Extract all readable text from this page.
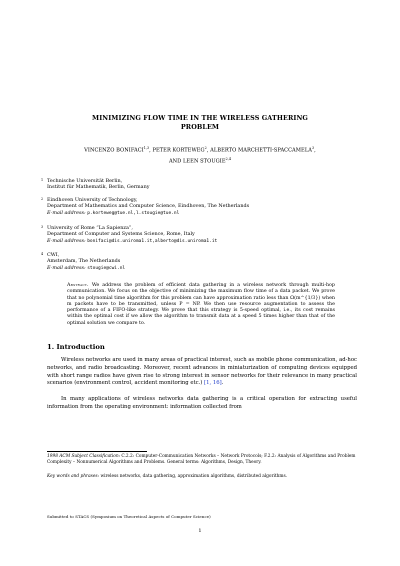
MINIMIZING FLOW TIME IN THE WIRELESS GATHERING
PROBLEM
VINCENZO BONIFACI$^{1,3}$, PETER KORTEWEG$^2$, ALBERTO MARCHETTI-SPACCAMELA$^3$,
AND LEEN STOUGIE$^{2,4}$
1 Technische Universität Berlin,
Institut für Mathematik, Berlin, Germany
2 Eindhoven University of Technology,
Department of Mathematics and Computer Science, Eindhoven, The Netherlands
E-mail address: p.korteweg@tue.nl,l.stougie@tue.nl
3 University of Rome “La Sapienza”,
Department of Computer and Systems Science, Rome, Italy
E-mail address: bonifaci@dis.uniroma1.it,alberto@dis.uniroma1.it
4 CWI,
Amsterdam, The Netherlands
E-mail address: stougie@cwi.nl
Abstract. We address the problem of efficient data gathering in a wireless network through multi-hop communication. We focus on the objective of minimizing the maximum flow time of a data packet. We prove that no polynomial time algorithm for this problem can have approximation ratio less than Ω(m^{1/3}) when m packets have to be transmitted, unless P = NP. We then use resource augmentation to assess the performance of a FIFO-like strategy. We prove that this strategy is 5-speed optimal, i.e., its cost remains within the optimal cost if we allow the algorithm to transmit data at a speed 5 times higher than that of the optimal solution we compare to.
1. Introduction
Wireless networks are used in many areas of practical interest, such as mobile phone communication, ad-hoc networks, and radio broadcasting. Moreover, recent advances in miniaturization of computing devices equipped with short range radios have given rise to strong interest in sensor networks for their relevance in many practical scenarios (environment control, accident monitoring etc.) [1, 16].
In many applications of wireless networks data gathering is a critical operation for extracting useful information from the operating environment: information collected from
1998 ACM Subject Classification: C.2.2: Computer-Communication Networks – Network Protocols; F.2.2: Analysis of Algorithms and Problem Complexity – Nonnumerical Algorithms and Problems. General terms: Algorithms, Design, Theory.
Key words and phrases: wireless networks, data gathering, approximation algorithms, distributed algorithms.
Submitted to STACS (Symposium on Theoretical Aspects of Computer Science)
1
